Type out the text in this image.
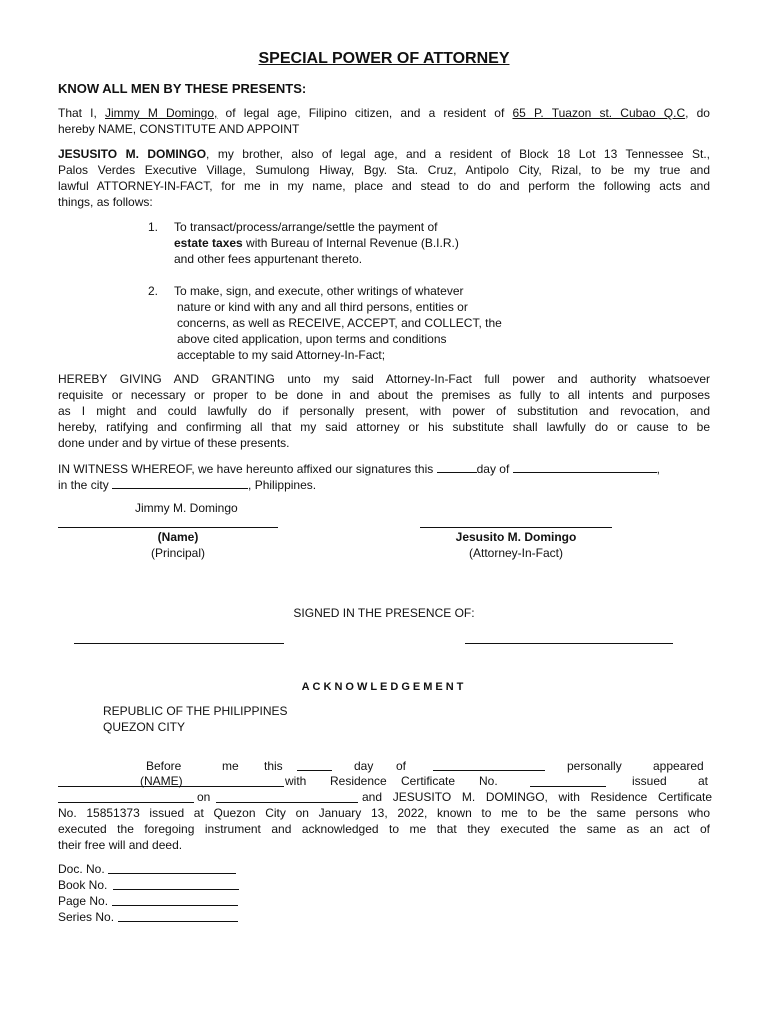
SPECIAL POWER OF ATTORNEY
KNOW ALL MEN BY THESE PRESENTS:
That I, Jimmy M Domingo, of legal age, Filipino citizen, and a resident of 65 P. Tuazon st. Cubao Q.C, do
hereby NAME, CONSTITUTE AND APPOINT
JESUSITO M. DOMINGO, my brother, also of legal age, and a resident of Block 18 Lot 13 Tennessee St.,
Palos Verdes Executive Village, Sumulong Hiway, Bgy. Sta. Cruz, Antipolo City, Rizal, to be my true and
lawful ATTORNEY-IN-FACT, for me in my name, place and stead to do and perform the following acts and
things, as follows:
1.	To transact/process/arrange/settle the payment of
estate taxes with Bureau of Internal Revenue (B.I.R.)
and other fees appurtenant thereto.
2.	To make, sign, and execute, other writings of whatever
nature or kind with any and all third persons, entities or
concerns, as well as RECEIVE, ACCEPT, and COLLECT, the
above cited application, upon terms and conditions
acceptable to my said Attorney-In-Fact;
HEREBY GIVING AND GRANTING unto my said Attorney-In-Fact full power and authority whatsoever
requisite or necessary or proper to be done in and about the premises as fully to all intents and purposes
as I might and could lawfully do if personally present, with power of substitution and revocation, and
hereby, ratifying and confirming all that my said attorney or his substitute shall lawfully do or cause to be
done under and by virtue of these presents.
IN WITNESS WHEREOF, we have hereunto affixed our signatures this	day of	,
in the city	, Philippines.
Jimmy M. Domingo
(Name)
(Principal)
Jesusito M. Domingo
(Attorney-In-Fact)
SIGNED IN THE PRESENCE OF:
ACKNOWLEDGEMENT
REPUBLIC OF THE PHILIPPINES
QUEZON CITY
Before	me this	day of	personally	appeared
(NAME)	with Residence Certificate No.	issued	at
on	and JESUSITO M. DOMINGO, with Residence Certificate
No. 15851373 issued at Quezon City on January 13, 2022, known to me to be the same persons who
executed the foregoing instrument and acknowledged to me that they executed the same as an act of
their free will and deed.
Doc. No.
Book No.
Page No.
Series No.
